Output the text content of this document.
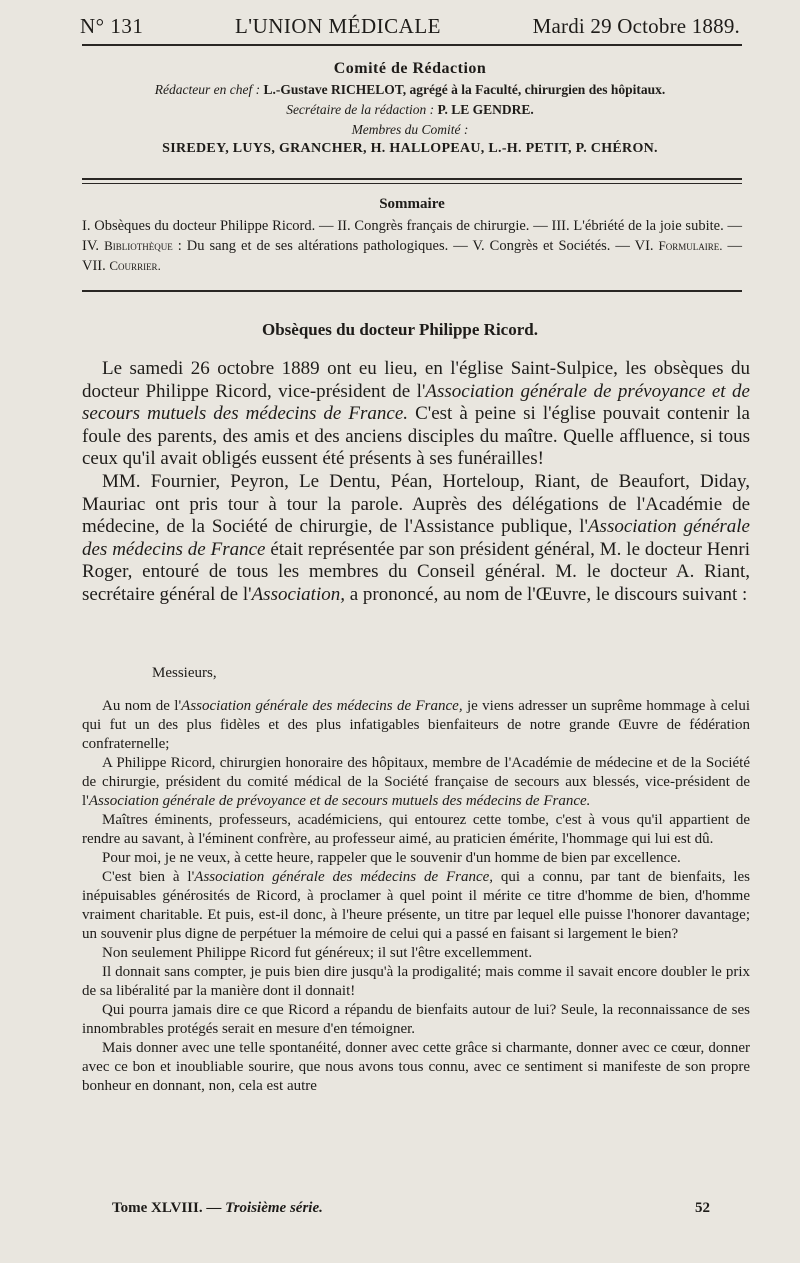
N° 131	L'UNION MÉDICALE	Mardi 29 Octobre 1889.
Comité de Rédaction
Rédacteur en chef : L.-Gustave RICHELOT, agrégé à la Faculté, chirurgien des hôpitaux.
Secrétaire de la rédaction : P. LE GENDRE.
Membres du Comité :
SIREDEY, LUYS, GRANCHER, H. HALLOPEAU, L.-H. PETIT, P. CHÉRON.
Sommaire
I. Obsèques du docteur Philippe Ricord. — II. Congrès français de chirurgie. — III. L'ébriété de la joie subite. — IV. Bibliothèque : Du sang et de ses altérations pathologiques. — V. Congrès et Sociétés. — VI. Formulaire. — VII. Courrier.
Obsèques du docteur Philippe Ricord.

Le samedi 26 octobre 1889 ont eu lieu, en l'église Saint-Sulpice, les obsèques du docteur Philippe Ricord, vice-président de l'Association générale de prévoyance et de secours mutuels des médecins de France. C'est à peine si l'église pouvait contenir la foule des parents, des amis et des anciens disciples du maître. Quelle affluence, si tous ceux qu'il avait obligés eussent été présents à ses funérailles!

MM. Fournier, Peyron, Le Dentu, Péan, Horteloup, Riant, de Beaufort, Diday, Mauriac ont pris tour à tour la parole. Auprès des délégations de l'Académie de médecine, de la Société de chirurgie, de l'Assistance publique, l'Association générale des médecins de France était représentée par son président général, M. le docteur Henri Roger, entouré de tous les membres du Conseil général. M. le docteur A. Riant, secrétaire général de l'Association, a prononcé, au nom de l'Œuvre, le discours suivant :

Messieurs,

Au nom de l'Association générale des médecins de France, je viens adresser un suprême hommage à celui qui fut un des plus fidèles et des plus infatigables bienfaiteurs de notre grande Œuvre de fédération confraternelle;

A Philippe Ricord, chirurgien honoraire des hôpitaux, membre de l'Académie de médecine et de la Société de chirurgie, président du comité médical de la Société française de secours aux blessés, vice-président de l'Association générale de prévoyance et de secours mutuels des médecins de France.

Maîtres éminents, professeurs, académiciens, qui entourez cette tombe, c'est à vous qu'il appartient de rendre au savant, à l'éminent confrère, au professeur aimé, au praticien émérite, l'hommage qui lui est dû.

Pour moi, je ne veux, à cette heure, rappeler que le souvenir d'un homme de bien par excellence.

C'est bien à l'Association générale des médecins de France, qui a connu, par tant de bienfaits, les inépuisables générosités de Ricord, à proclamer à quel point il mérite ce titre d'homme de bien, d'homme vraiment charitable. Et puis, est-il donc, à l'heure présente, un titre par lequel elle puisse l'honorer davantage; un souvenir plus digne de perpétuer la mémoire de celui qui a passé en faisant si largement le bien?

Non seulement Philippe Ricord fut généreux; il sut l'être excellemment.

Il donnait sans compter, je puis bien dire jusqu'à la prodigalité; mais comme il savait encore doubler le prix de sa libéralité par la manière dont il donnait!

Qui pourra jamais dire ce que Ricord a répandu de bienfaits autour de lui? Seule, la reconnaissance de ses innombrables protégés serait en mesure d'en témoigner.

Mais donner avec une telle spontanéité, donner avec cette grâce si charmante, donner avec ce cœur, donner avec ce bon et inoubliable sourire, que nous avons tous connu, avec ce sentiment si manifeste de son propre bonheur en donnant, non, cela est autre

Tome XLVIII. — Troisième série.	52
